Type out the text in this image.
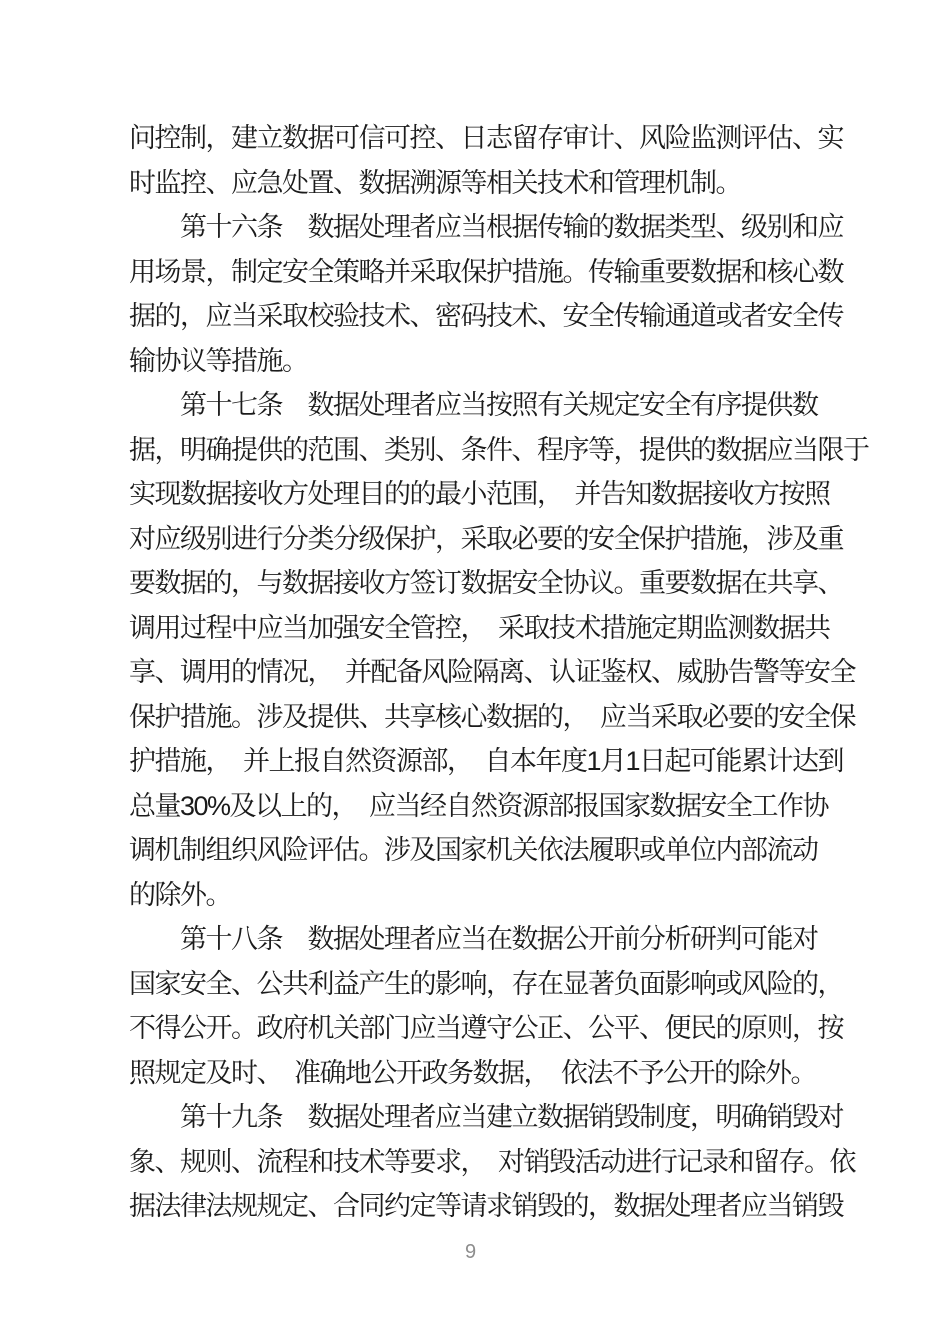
问控制，建立数据可信可控、日志留存审计、风险监测评估、实
时监控、应急处置、数据溯源等相关技术和管理机制。
　　第十六条　数据处理者应当根据传输的数据类型、级别和应
用场景，制定安全策略并采取保护措施。传输重要数据和核心数
据的，应当采取校验技术、密码技术、安全传输通道或者安全传
输协议等措施。
　　第十七条　数据处理者应当按照有关规定安全有序提供数
据，明确提供的范围、类别、条件、程序等，提供的数据应当限于
实现数据接收方处理目的的最小范围，　并告知数据接收方按照
对应级别进行分类分级保护，采取必要的安全保护措施，涉及重
要数据的，与数据接收方签订数据安全协议。重要数据在共享、
调用过程中应当加强安全管控，　采取技术措施定期监测数据共
享、调用的情况，　并配备风险隔离、认证鉴权、威胁告警等安全
保护措施。涉及提供、共享核心数据的，　应当采取必要的安全保
护措施，　并上报自然资源部，　自本年度1月1日起可能累计达到
总量30%及以上的，　应当经自然资源部报国家数据安全工作协
调机制组织风险评估。涉及国家机关依法履职或单位内部流动
的除外。
　　第十八条　数据处理者应当在数据公开前分析研判可能对
国家安全、公共利益产生的影响，存在显著负面影响或风险的，
不得公开。政府机关部门应当遵守公正、公平、便民的原则，按
照规定及时、　准确地公开政务数据，　依法不予公开的除外。
　　第十九条　数据处理者应当建立数据销毁制度，明确销毁对
象、规则、流程和技术等要求，　对销毁活动进行记录和留存。依
据法律法规规定、合同约定等请求销毁的，数据处理者应当销毁
9
